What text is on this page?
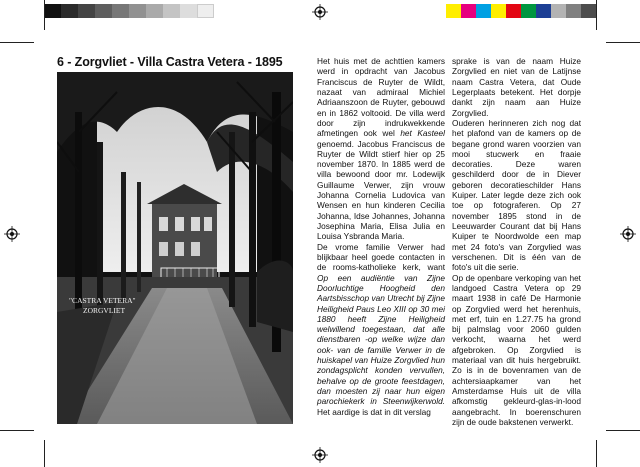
6 - Zorgvliet - Villa Castra Vetera - 1895
"CASTRA VETERA"
ZORGVLIET

Het huis met de achttien kamers werd in opdracht van Jacobus Franciscus de Ruyter de Wildt, nazaat van admiraal Michiel Adriaanszoon de Ruyter, gebouwd en in 1862 voltooid. De villa werd door zijn indrukwekkende afmetingen ook wel het Kasteel genoemd. Jacobus Franciscus de Ruyter de Wildt stierf hier op 25 november 1870. In 1885 werd de villa bewoond door mr. Lodewijk Guillaume Verwer, zijn vrouw Johanna Cornelia Ludovica van Wensen en hun kinderen Cecilia Johanna, Idse Johannes, Johanna Josephina Maria, Elisa Julia en Louisa Ysbranda Maria.

De vrome familie Verwer had blijkbaar heel goede contacten in de rooms-katholieke kerk, want Op een audiëntie van Zijne Doorluchtige Hoogheid den Aartsbisschop van Utrecht bij Zijne Heiligheid Paus Leo XIII op 30 mei 1880 heeft Zijne Heiligheid welwillend toegestaan, dat alle dienstbaren -op welke wijze dan ook- van de familie Verwer in de huiskapel van Huize Zorgvlied hun zondagsplicht konden vervullen, behalve op de groote feestdagen, dan moesten zij naar hun eigen parochiekerk in Steenwijkerwold. Het aardige is dat in dit verslag

sprake is van de naam Huize Zorgvlied en niet van de Latijnse naam Castra Vetera, dat Oude Legerplaats betekent. Het dorpje dankt zijn naam aan Huize Zorgvlied.

Ouderen herinneren zich nog dat het plafond van de kamers op de begane grond waren voorzien van mooi stucwerk en fraaie decoraties. Deze waren geschilderd door de in Diever geboren decoratieschilder Hans Kuiper. Later legde deze zich ook toe op fotograferen. Op 27 november 1895 stond in de Leeuwarder Courant dat bij Hans Kuiper te Noordwolde een map met 24 foto's van Zorgvlied was verschenen. Dit is één van de foto's uit die serie.

Op de openbare verkoping van het landgoed Castra Vetera op 29 maart 1938 in café De Harmonie op Zorgvlied werd het herenhuis, met erf, tuin en 1.27.75 ha grond bij palmslag voor 2060 gulden verkocht, waarna het werd afgebroken. Op Zorgvlied is materiaal van dit huis hergebruikt. Zo is in de bovenramen van de achtersiaapkamer van het Amsterdamse Huis uit de villa afkomstig gekleurd-glas-in-lood aangebracht. In boerenschuren zijn de oude bakstenen verwerkt.
